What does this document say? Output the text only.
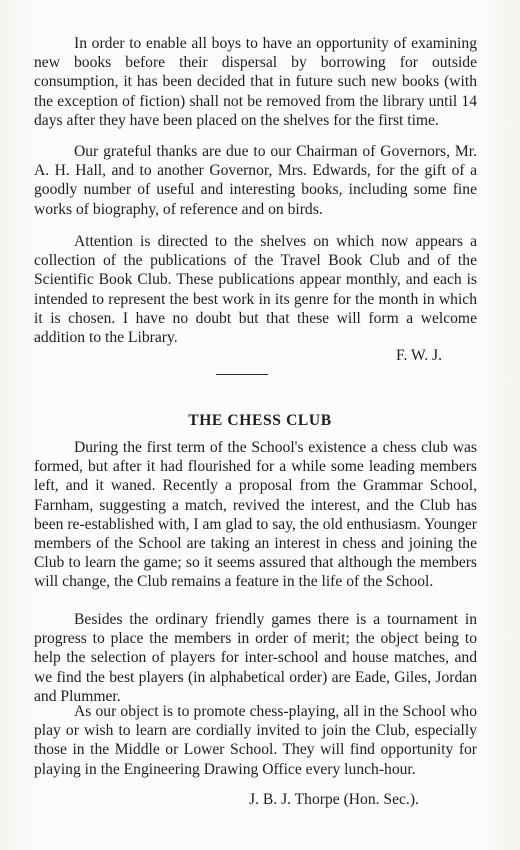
In order to enable all boys to have an opportunity of examining new books before their dispersal by borrowing for outside consumption, it has been decided that in future such new books (with the exception of fiction) shall not be removed from the library until 14 days after they have been placed on the shelves for the first time.

Our grateful thanks are due to our Chairman of Governors, Mr. A. H. Hall, and to another Governor, Mrs. Edwards, for the gift of a goodly number of useful and interesting books, including some fine works of biography, of reference and on birds.

Attention is directed to the shelves on which now appears a collection of the publications of the Travel Book Club and of the Scientific Book Club. These publications appear monthly, and each is intended to represent the best work in its genre for the month in which it is chosen. I have no doubt but that these will form a welcome addition to the Library.

F. W. J.
THE CHESS CLUB

During the first term of the School's existence a chess club was formed, but after it had flourished for a while some leading members left, and it waned. Recently a proposal from the Grammar School, Farnham, suggesting a match, revived the interest, and the Club has been re-established with, I am glad to say, the old enthusiasm. Younger members of the School are taking an interest in chess and joining the Club to learn the game; so it seems assured that although the members will change, the Club remains a feature in the life of the School.

Besides the ordinary friendly games there is a tournament in progress to place the members in order of merit; the object being to help the selection of players for inter-school and house matches, and we find the best players (in alphabetical order) are Eade, Giles, Jordan and Plummer.

As our object is to promote chess-playing, all in the School who play or wish to learn are cordially invited to join the Club, especially those in the Middle or Lower School. They will find opportunity for playing in the Engineering Drawing Office every lunch-hour.

J. B. J. Thorpe (Hon. Sec.).
